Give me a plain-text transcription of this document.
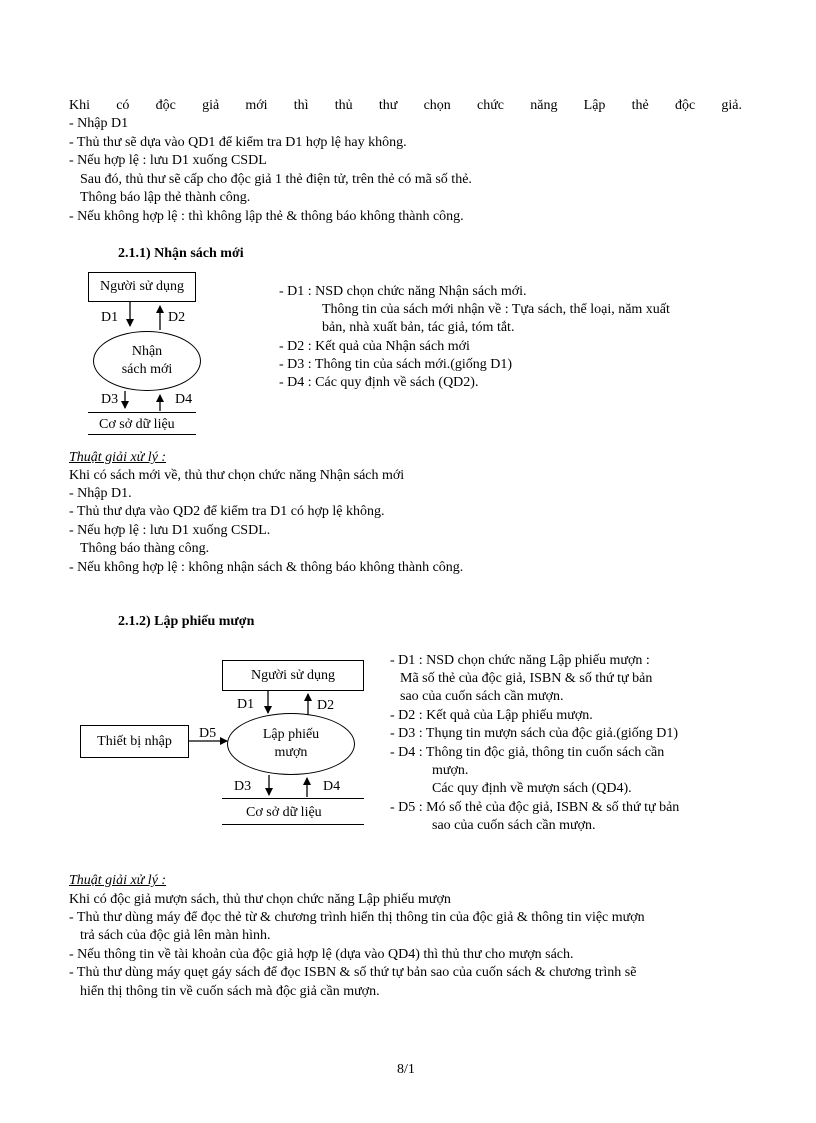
Khi có độc giả mới thì thủ thư chọn chức năng Lập thẻ độc giả.
- Nhập D1
- Thủ thư sẽ dựa vào QD1 để kiểm tra D1 hợp lệ hay không.
- Nếu hợp lệ : lưu D1 xuống CSDL
Sau đó, thủ thư sẽ cấp cho độc giả 1 thẻ điện tử, trên thẻ có mã số thẻ.
Thông báo lập thẻ thành công.
- Nếu không hợp lệ : thì không lập thẻ & thông báo không thành công.
2.1.1) Nhận sách mới
Người sử dụng
Nhận
sách mới
Cơ sở dữ liệu
D1	D2
D3	D4
- D1 : NSD chọn chức năng Nhận sách mới.
Thông tin của sách mới nhận về : Tựa sách, thể loại, năm xuất
bản, nhà xuất bản, tác giả, tóm tắt.
- D2 : Kết quả của Nhận sách mới
- D3 : Thông tin của sách mới.(giống D1)
- D4 : Các quy định về sách (QD2).
Thuật giải xử lý :
Khi có sách mới về, thủ thư chọn chức năng Nhận sách mới
- Nhập D1.
- Thủ thư dựa vào QD2 để kiểm tra D1 có hợp lệ không.
- Nếu hợp lệ : lưu D1 xuống CSDL.
Thông báo thàng công.
- Nếu không hợp lệ : không nhận sách & thông báo không thành công.
2.1.2) Lập phiếu mượn
Người sử dụng
Thiết bị nhập	Lập phiếu
mượn
Cơ sở dữ liệu
D1	D2
D3	D4
D5
- D1 : NSD chọn chức năng Lập phiếu mượn :
Mã số thẻ của độc giả, ISBN & số thứ tự bản
sao của cuốn sách cần mượn.
- D2 : Kết quả của Lập phiếu mượn.
- D3 : Thụng tin mượn sách của độc giả.(giống D1)
- D4 : Thông tin độc giả, thông tin cuốn sách cần
mượn.
Các quy định về mượn sách (QD4).
- D5 : Mó số thẻ của độc giả, ISBN & số thứ tự bản
sao của cuốn sách cần mượn.
Thuật giải xử lý :
Khi có độc giả mượn sách, thủ thư chọn chức năng Lập phiếu mượn
- Thủ thư dùng máy để đọc thẻ từ & chương trình hiển thị thông tin của độc giả & thông tin việc mượn
trả sách của độc giả lên màn hình.
- Nếu thông tin về tài khoản của độc giả hợp lệ (dựa vào QD4) thì thủ thư cho mượn sách.
- Thủ thư dùng máy quẹt gáy sách để đọc ISBN & số thứ tự bản sao của cuốn sách & chương trình sẽ
hiển thị thông tin về cuốn sách mà độc giả cần mượn.
8/1
